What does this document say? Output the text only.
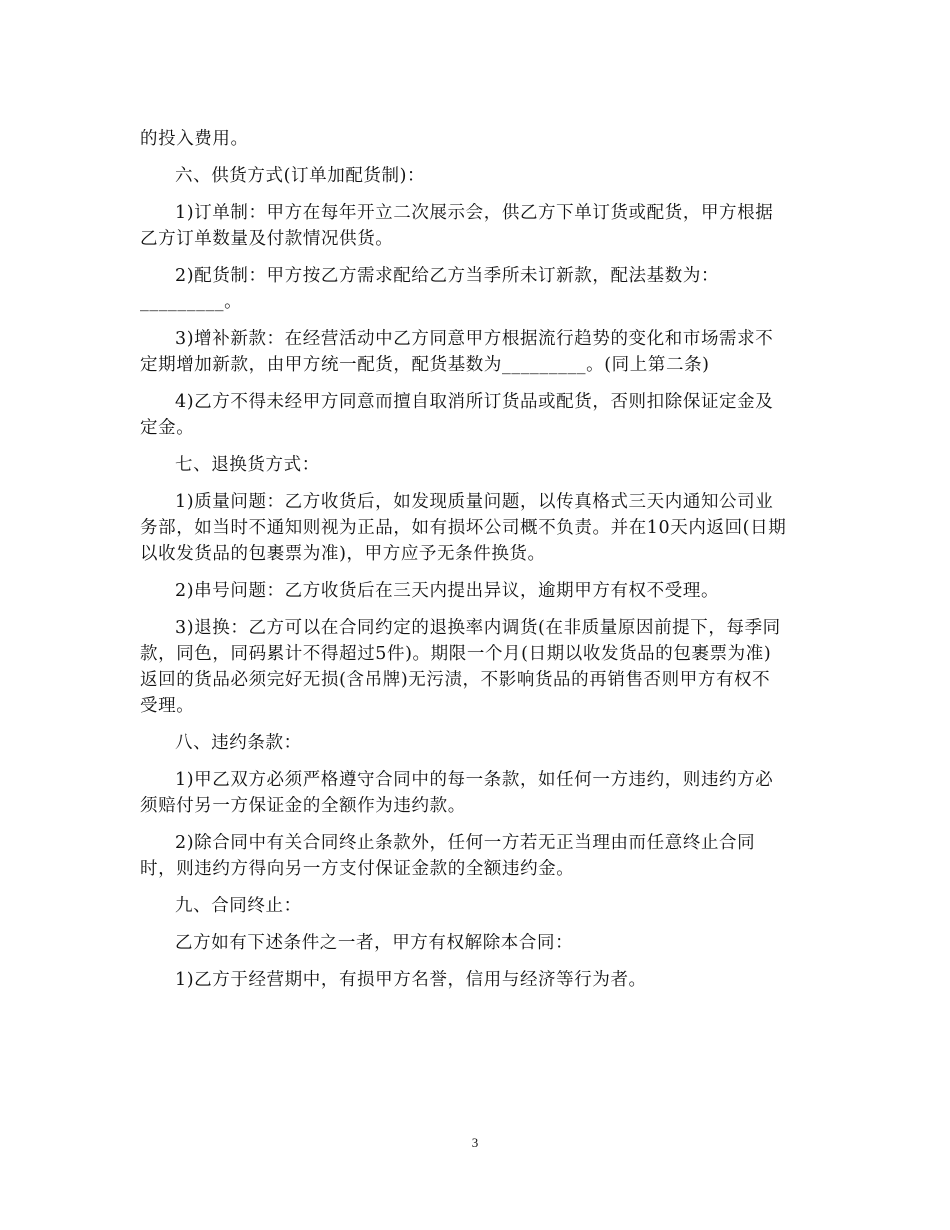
的投入费用。

六、供货方式(订单加配货制)：

1)订单制：甲方在每年开立二次展示会，供乙方下单订货或配货，甲方根据

乙方订单数量及付款情况供货。

2)配货制：甲方按乙方需求配给乙方当季所未订新款，配法基数为：

_________。

3)增补新款：在经营活动中乙方同意甲方根据流行趋势的变化和市场需求不

定期增加新款，由甲方统一配货，配货基数为_________。(同上第二条)

4)乙方不得未经甲方同意而擅自取消所订货品或配货，否则扣除保证定金及

定金。

七、退换货方式：

1)质量问题：乙方收货后，如发现质量问题，以传真格式三天内通知公司业

务部，如当时不通知则视为正品，如有损坏公司概不负责。并在10天内返回(日期

以收发货品的包裹票为准)，甲方应予无条件换货。

2)串号问题：乙方收货后在三天内提出异议，逾期甲方有权不受理。

3)退换：乙方可以在合同约定的退换率内调货(在非质量原因前提下，每季同

款，同色，同码累计不得超过5件)。期限一个月(日期以收发货品的包裹票为准)

返回的货品必须完好无损(含吊牌)无污渍，不影响货品的再销售否则甲方有权不

受理。

八、违约条款：

1)甲乙双方必须严格遵守合同中的每一条款，如任何一方违约，则违约方必

须赔付另一方保证金的全额作为违约款。

2)除合同中有关合同终止条款外，任何一方若无正当理由而任意终止合同

时，则违约方得向另一方支付保证金款的全额违约金。

九、合同终止：

乙方如有下述条件之一者，甲方有权解除本合同：

1)乙方于经营期中，有损甲方名誉，信用与经济等行为者。

3
